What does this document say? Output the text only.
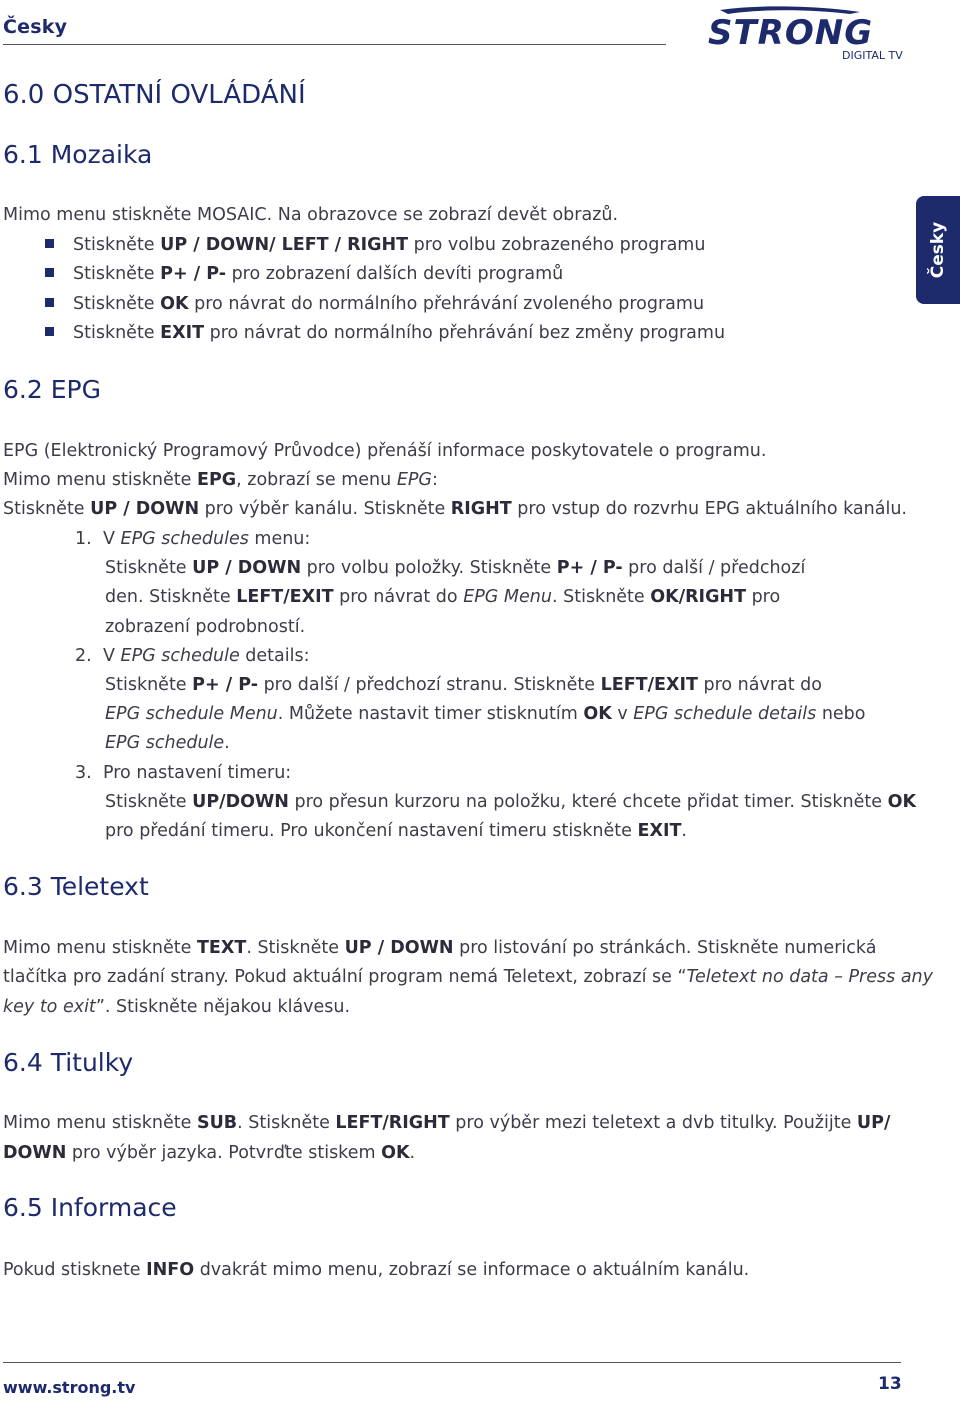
Česky	STRONG
DIGITAL TV
Česky
6.0 OSTATNÍ OVLÁDÁNÍ
6.1 Mozaika
Mimo menu stiskněte MOSAIC. Na obrazovce se zobrazí devět obrazů.
Stiskněte UP / DOWN/ LEFT / RIGHT pro volbu zobrazeného programu
Stiskněte P+ / P- pro zobrazení dalších devíti programů
Stiskněte OK pro návrat do normálního přehrávání zvoleného programu
Stiskněte EXIT pro návrat do normálního přehrávání bez změny programu
6.2 EPG
EPG (Elektronický Programový Průvodce) přenáší informace poskytovatele o programu.
Mimo menu stiskněte EPG, zobrazí se menu EPG:
Stiskněte UP / DOWN pro výběr kanálu. Stiskněte RIGHT pro vstup do rozvrhu EPG aktuálního kanálu.
1. V EPG schedules menu:
Stiskněte UP / DOWN pro volbu položky. Stiskněte P+ / P- pro další / předchozí
den. Stiskněte LEFT/EXIT pro návrat do EPG Menu. Stiskněte OK/RIGHT pro
zobrazení podrobností.
2. V EPG schedule details:
Stiskněte P+ / P- pro další / předchozí stranu. Stiskněte LEFT/EXIT pro návrat do
EPG schedule Menu. Můžete nastavit timer stisknutím OK v EPG schedule details nebo
EPG schedule.
3. Pro nastavení timeru:
Stiskněte UP/DOWN pro přesun kurzoru na položku, které chcete přidat timer. Stiskněte OK
pro předání timeru. Pro ukončení nastavení timeru stiskněte EXIT.
6.3 Teletext
Mimo menu stiskněte TEXT. Stiskněte UP / DOWN pro listování po stránkách. Stiskněte numerická
tlačítka pro zadání strany. Pokud aktuální program nemá Teletext, zobrazí se “Teletext no data – Press any
key to exit”. Stiskněte nějakou klávesu.
6.4 Titulky
Mimo menu stiskněte SUB. Stiskněte LEFT/RIGHT pro výběr mezi teletext a dvb titulky. Použijte UP/
DOWN pro výběr jazyka. Potvrďte stiskem OK.
6.5 Informace
Pokud stisknete INFO dvakrát mimo menu, zobrazí se informace o aktuálním kanálu.
www.strong.tv	13
